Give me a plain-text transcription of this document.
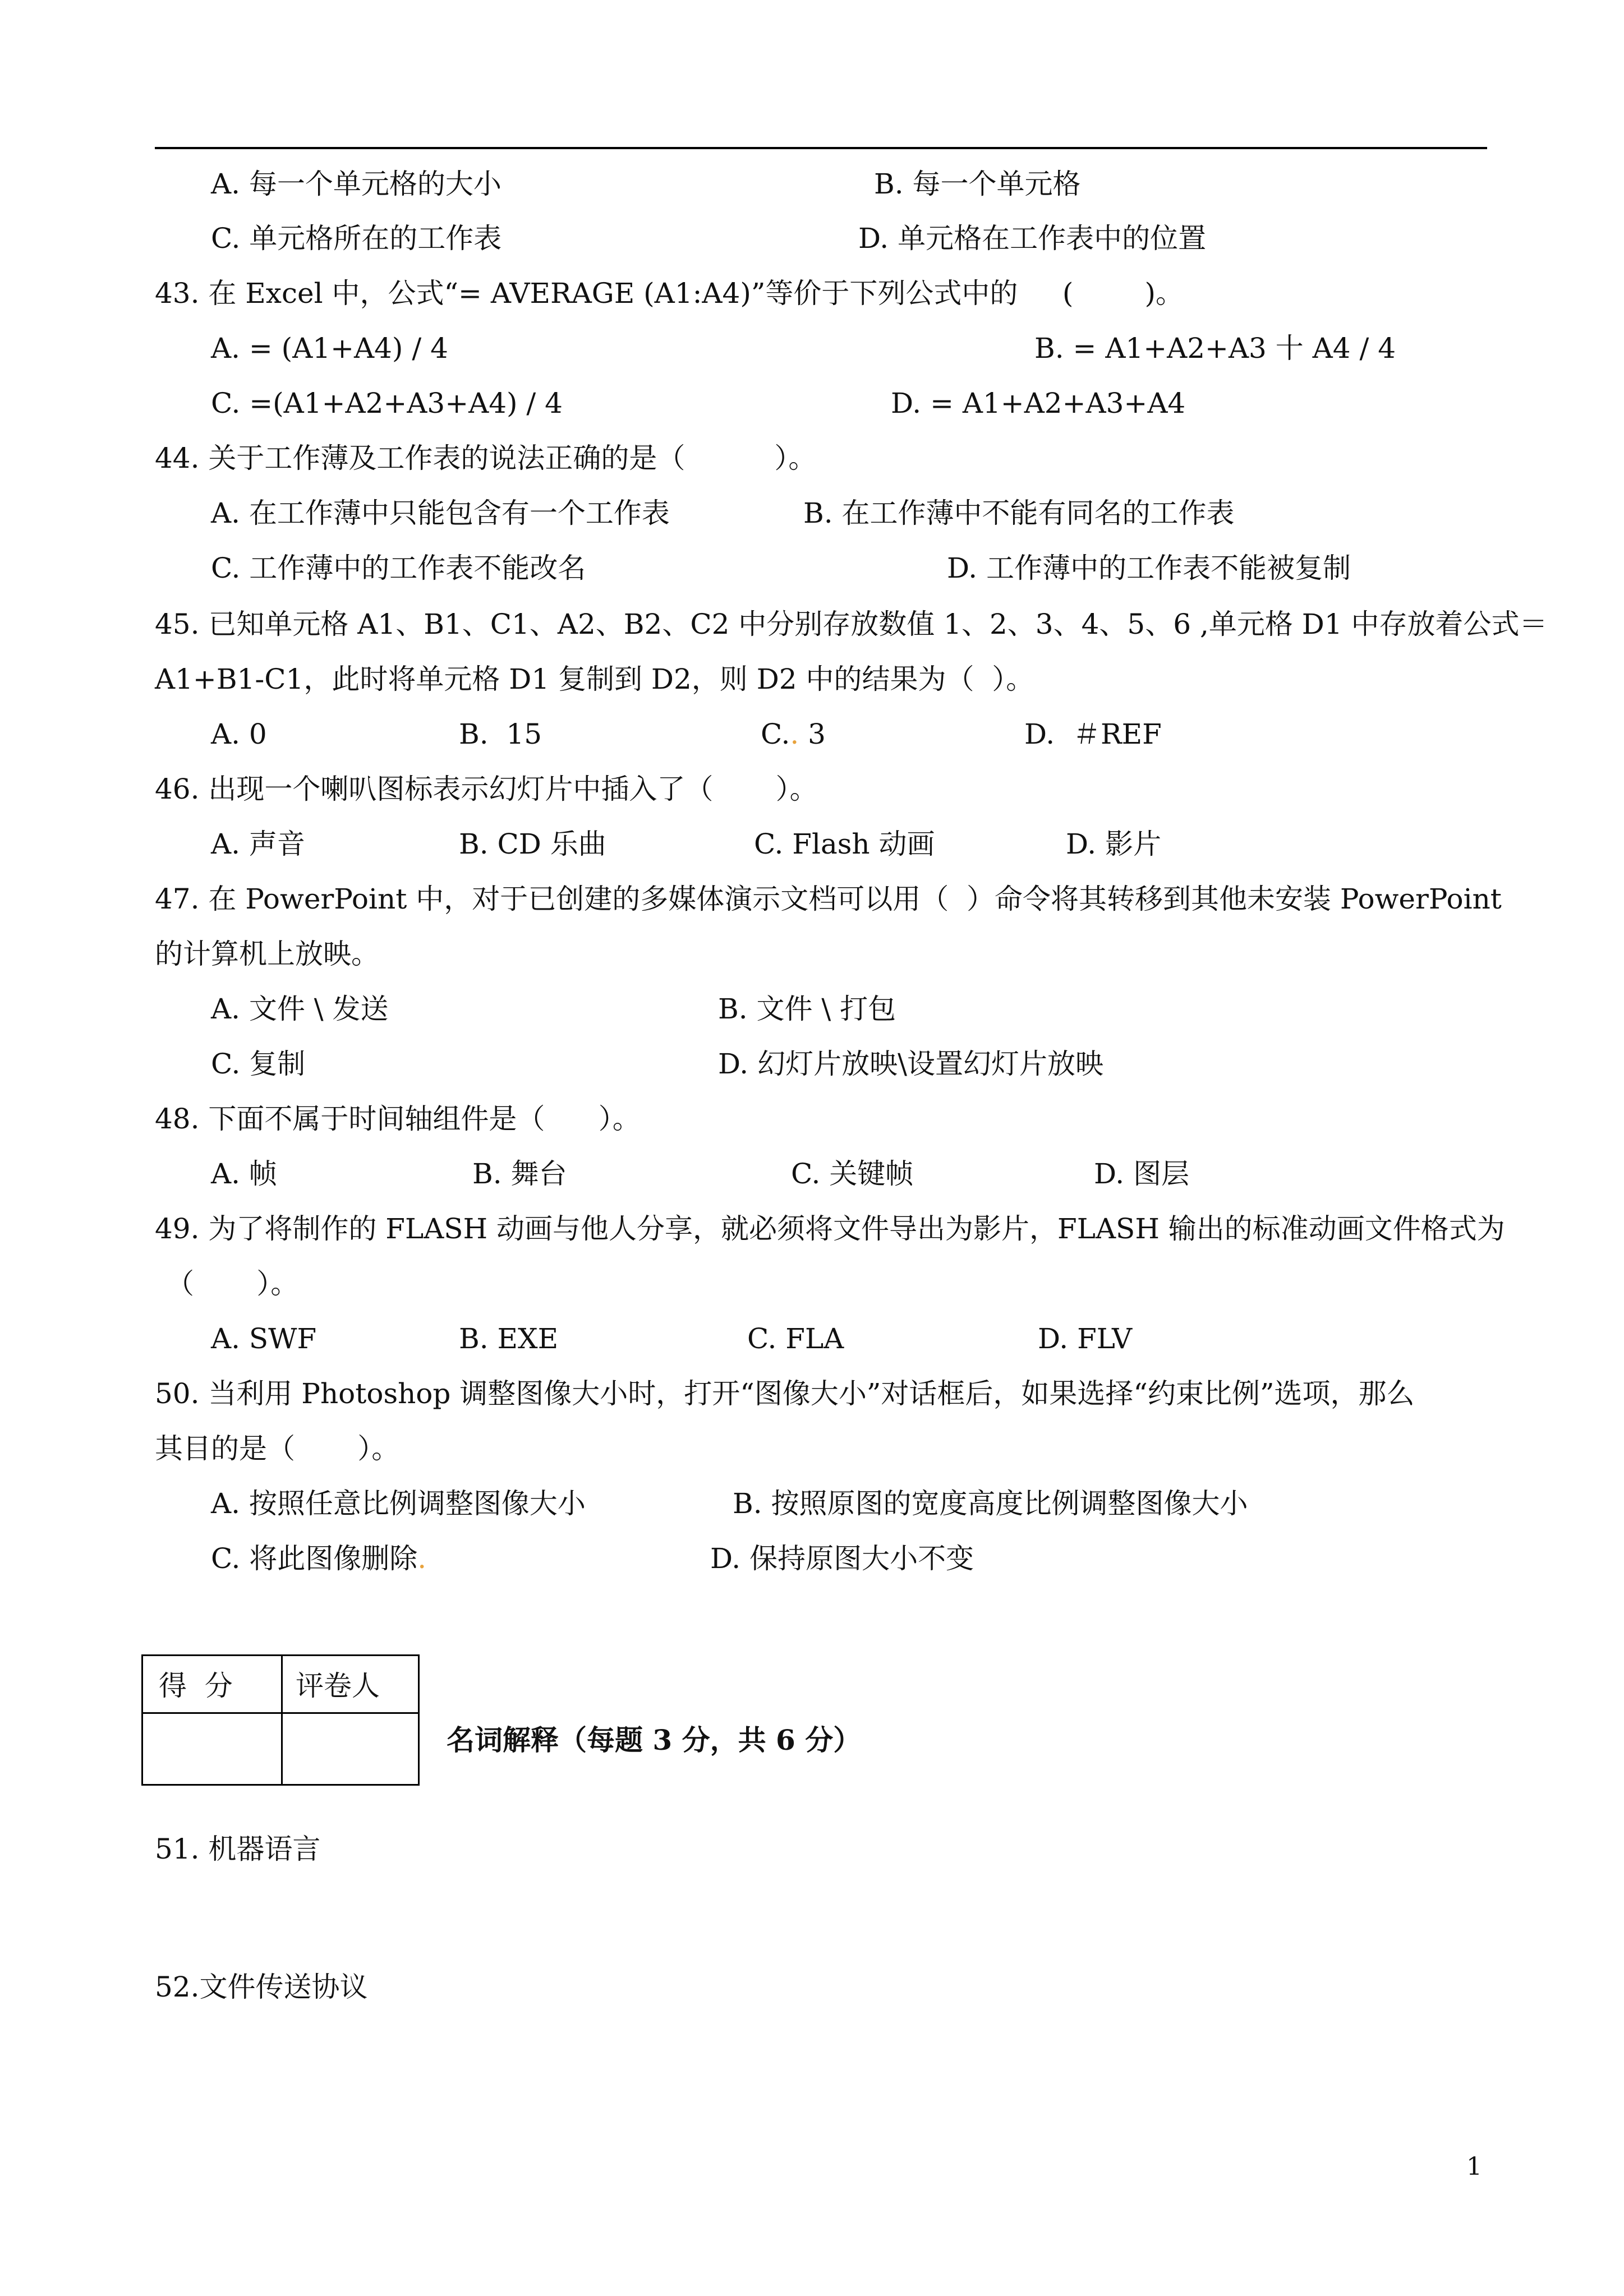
A. 每一个单元格的大小	B. 每一个单元格
C. 单元格所在的工作表	D. 单元格在工作表中的位置
43. 在 Excel 中，公式“= AVERAGE (A1:A4)”等价于下列公式中的     (        )。
A. = (A1+A4) / 4	B. = A1+A2+A3 十 A4 / 4
C. =(A1+A2+A3+A4) / 4	D. = A1+A2+A3+A4
44. 关于工作薄及工作表的说法正确的是（          ）。
A. 在工作薄中只能包含有一个工作表	B. 在工作薄中不能有同名的工作表
C. 工作薄中的工作表不能改名	D. 工作薄中的工作表不能被复制
45. 已知单元格 A1、B1、C1、A2、B2、C2 中分别存放数值 1、2、3、4、5、6 ,单元格 D1 中存放着公式＝
A1+B1-C1，此时将单元格 D1 复制到 D2，则 D2 中的结果为（  ）。
A. 0	B.  15	C.. 3	D.  ＃REF
46. 出现一个喇叭图标表示幻灯片中插入了（       ）。
A. 声音	B. CD 乐曲	C. Flash 动画	D. 影片
47. 在 PowerPoint 中，对于已创建的多媒体演示文档可以用（  ）命令将其转移到其他未安装 PowerPoint
的计算机上放映。
A. 文件 \ 发送	B. 文件 \ 打包
C. 复制	D. 幻灯片放映\设置幻灯片放映
48. 下面不属于时间轴组件是（      ）。
A. 帧	B. 舞台	C. 关键帧	D. 图层
49. 为了将制作的 FLASH 动画与他人分享，就必须将文件导出为影片，FLASH 输出的标准动画文件格式为
（       ）。
A. SWF	B. EXE	C. FLA	D. FLV
50. 当利用 Photoshop 调整图像大小时，打开“图像大小”对话框后，如果选择“约束比例”选项，那么
其目的是（       ）。
A. 按照任意比例调整图像大小	B. 按照原图的宽度高度比例调整图像大小
C. 将此图像删除.	D. 保持原图大小不变
得  分 评卷人
名词解释（每题 3 分，共 6 分）
51. 机器语言
52.文件传送协议
1
